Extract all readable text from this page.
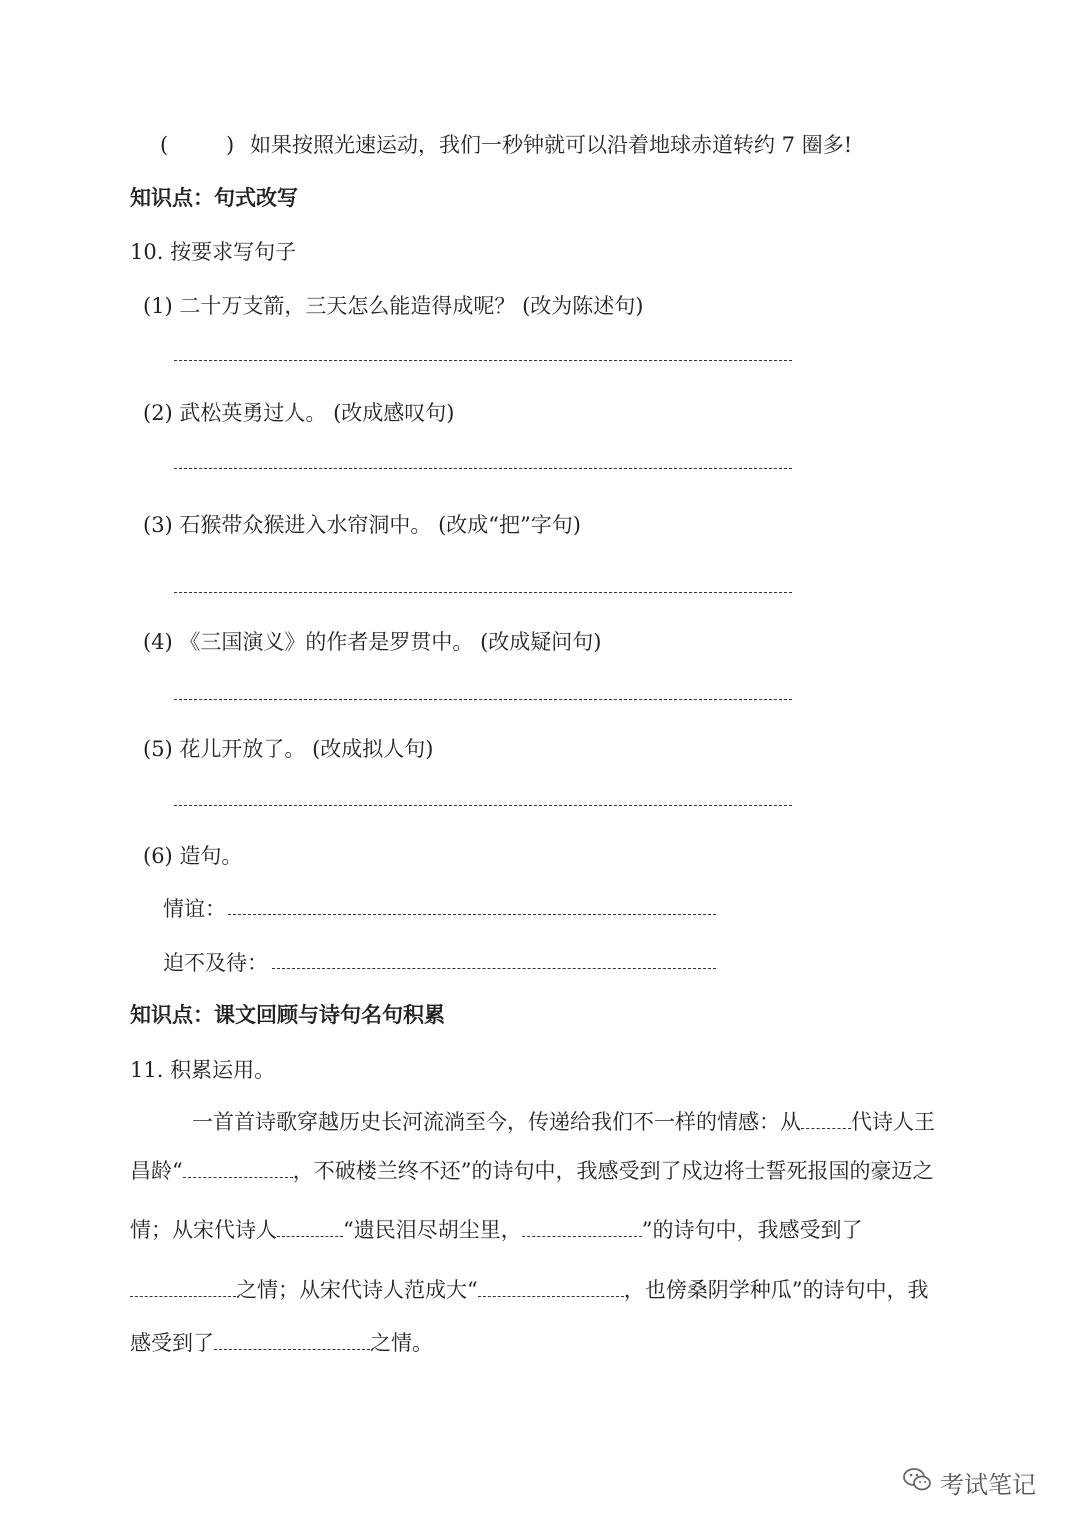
(	) 如果按照光速运动，我们一秒钟就可以沿着地球赤道转约 7 圈多!
知识点：句式改写
10. 按要求写句子
(1) 二十万支箭，三天怎么能造得成呢？ (改为陈述句)
(2) 武松英勇过人。 (改成感叹句)
(3) 石猴带众猴进入水帘洞中。 (改成“把”字句)
(4) 《三国演义》的作者是罗贯中。 (改成疑问句)
(5) 花儿开放了。 (改成拟人句)
(6) 造句。
情谊：
迫不及待：
知识点：课文回顾与诗句名句积累
11. 积累运用。
一首首诗歌穿越历史长河流淌至今，传递给我们不一样的情感：从 代诗人王
昌龄“	，不破楼兰终不还”的诗句中，我感受到了戍边将士誓死报国的豪迈之
情；从宋代诗人	“遗民泪尽胡尘里，	”的诗句中，我感受到了
之情；从宋代诗人范成大“	，也傍桑阴学种瓜”的诗句中，我
感受到了	之情。
考试笔记
